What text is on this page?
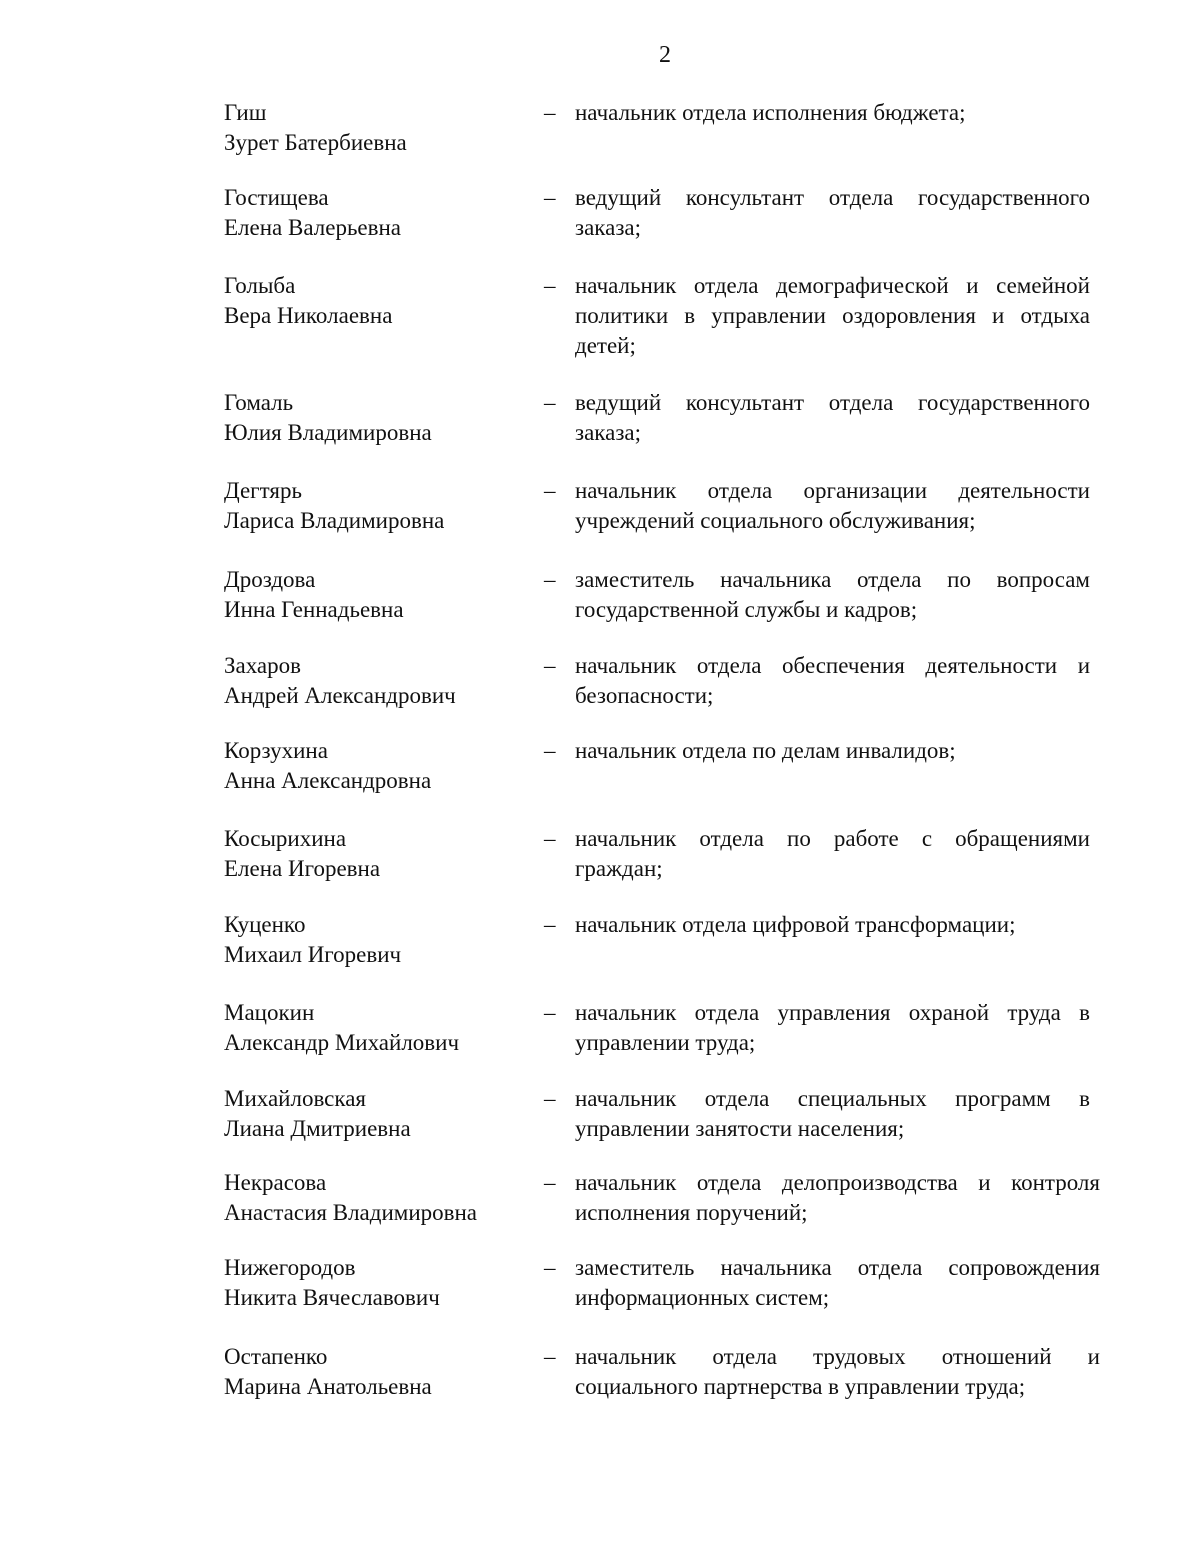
2
Гиш
Зурет Батербиевна
– начальник отдела исполнения бюджета;
Гостищева
Елена Валерьевна
– ведущий консультант отдела государственного заказа;
Голыба
Вера Николаевна
– начальник отдела демографической и семейной политики в управлении оздоровления и отдыха детей;
Гомаль
Юлия Владимировна
– ведущий консультант отдела государственного заказа;
Дегтярь
Лариса Владимировна
– начальник отдела организации деятельности учреждений социального обслуживания;
Дроздова
Инна Геннадьевна
– заместитель начальника отдела по вопросам государственной службы и кадров;
Захаров
Андрей Александрович
– начальник отдела обеспечения деятельности и безопасности;
Корзухина
Анна Александровна
– начальник отдела по делам инвалидов;
Косырихина
Елена Игоревна
– начальник отдела по работе с обращениями граждан;
Куценко
Михаил Игоревич
– начальник отдела цифровой трансформации;
Мацокин
Александр Михайлович
– начальник отдела управления охраной труда в управлении труда;
Михайловская
Лиана Дмитриевна
– начальник отдела специальных программ в управлении занятости населения;
Некрасова
Анастасия Владимировна
– начальник отдела делопроизводства и контроля исполнения поручений;
Нижегородов
Никита Вячеславович
– заместитель начальника отдела сопровождения информационных систем;
Остапенко
Марина Анатольевна
– начальник отдела трудовых отношений и социального партнерства в управлении труда;
